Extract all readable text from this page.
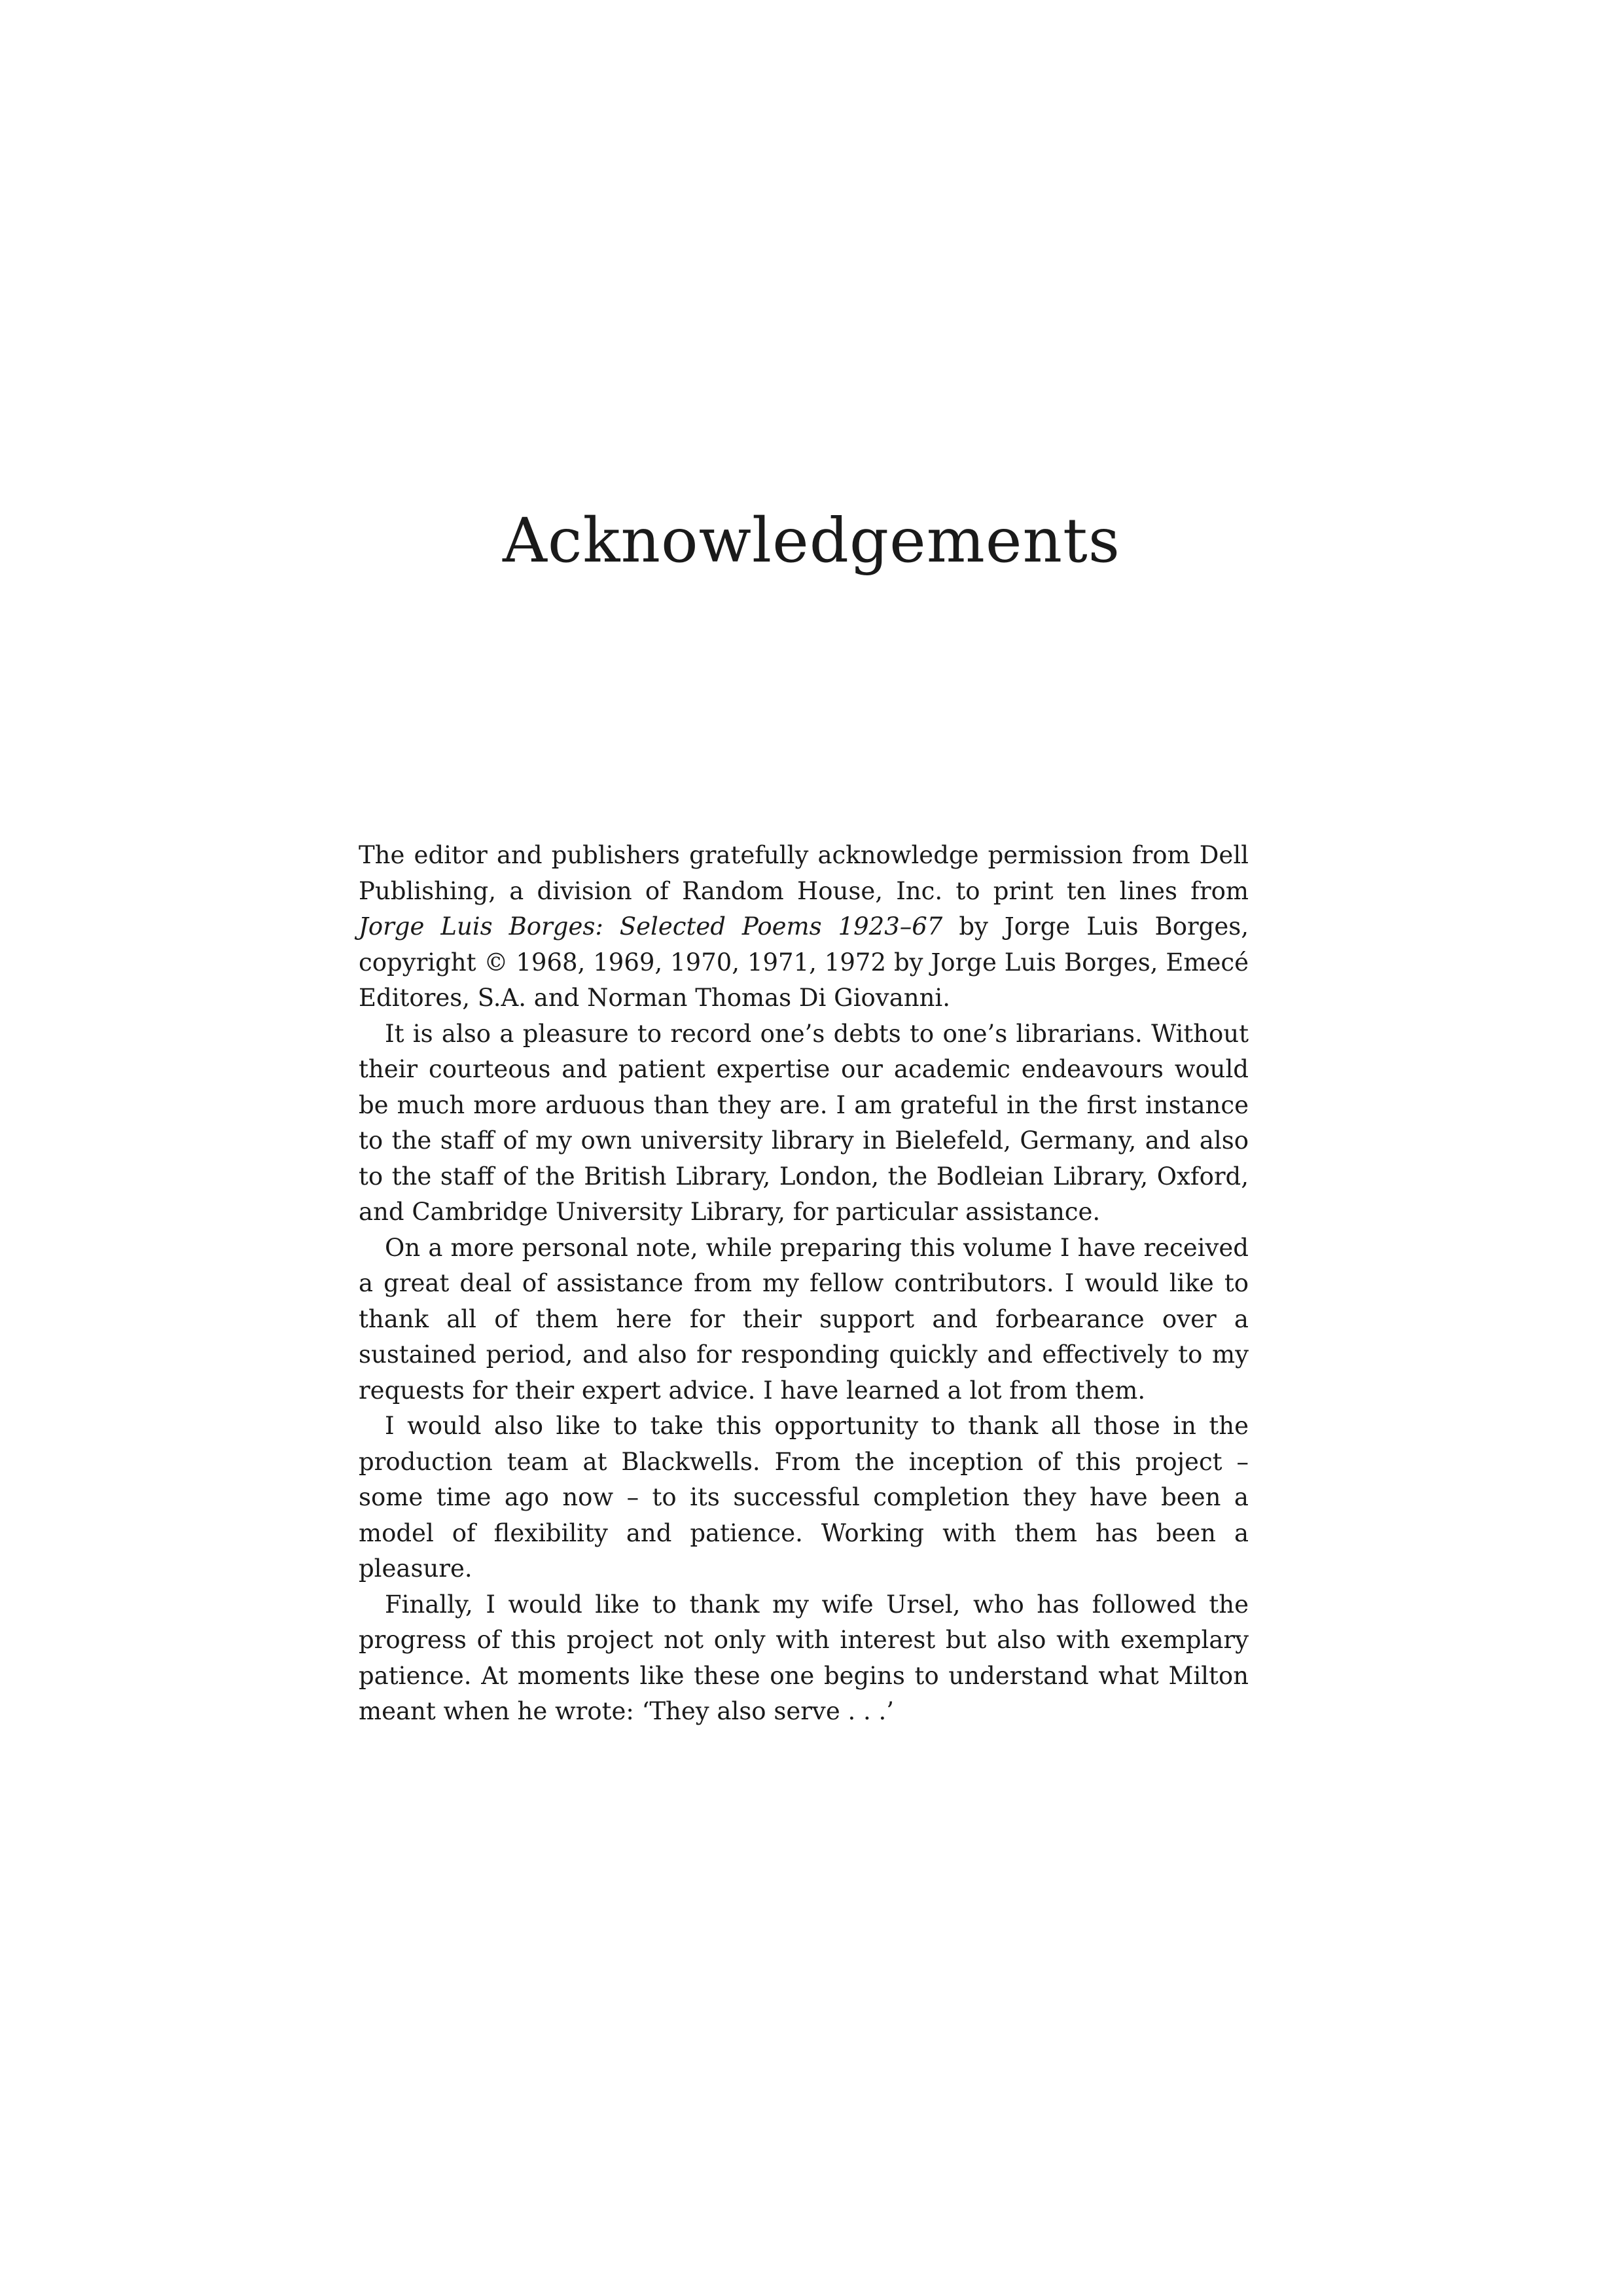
Acknowledgements

The editor and publishers gratefully acknowledge permission from Dell Publishing, a division of Random House, Inc. to print ten lines from Jorge Luis Borges: Selected Poems 1923–67 by Jorge Luis Borges, copyright © 1968, 1969, 1970, 1971, 1972 by Jorge Luis Borges, Emecé Editores, S.A. and Norman Thomas Di Giovanni.

It is also a pleasure to record one’s debts to one’s librarians. Without their courteous and patient expertise our academic endeavours would be much more arduous than they are. I am grateful in the first instance to the staff of my own university library in Bielefeld, Germany, and also to the staff of the British Library, London, the Bodleian Library, Oxford, and Cambridge University Library, for particular assistance.

On a more personal note, while preparing this volume I have received a great deal of assistance from my fellow contributors. I would like to thank all of them here for their support and forbearance over a sustained period, and also for responding quickly and effectively to my requests for their expert advice. I have learned a lot from them.

I would also like to take this opportunity to thank all those in the production team at Blackwells. From the inception of this project – some time ago now – to its successful completion they have been a model of flexibility and patience. Working with them has been a pleasure.

Finally, I would like to thank my wife Ursel, who has followed the progress of this project not only with interest but also with exemplary patience. At moments like these one begins to understand what Milton meant when he wrote: ‘They also serve . . .’
